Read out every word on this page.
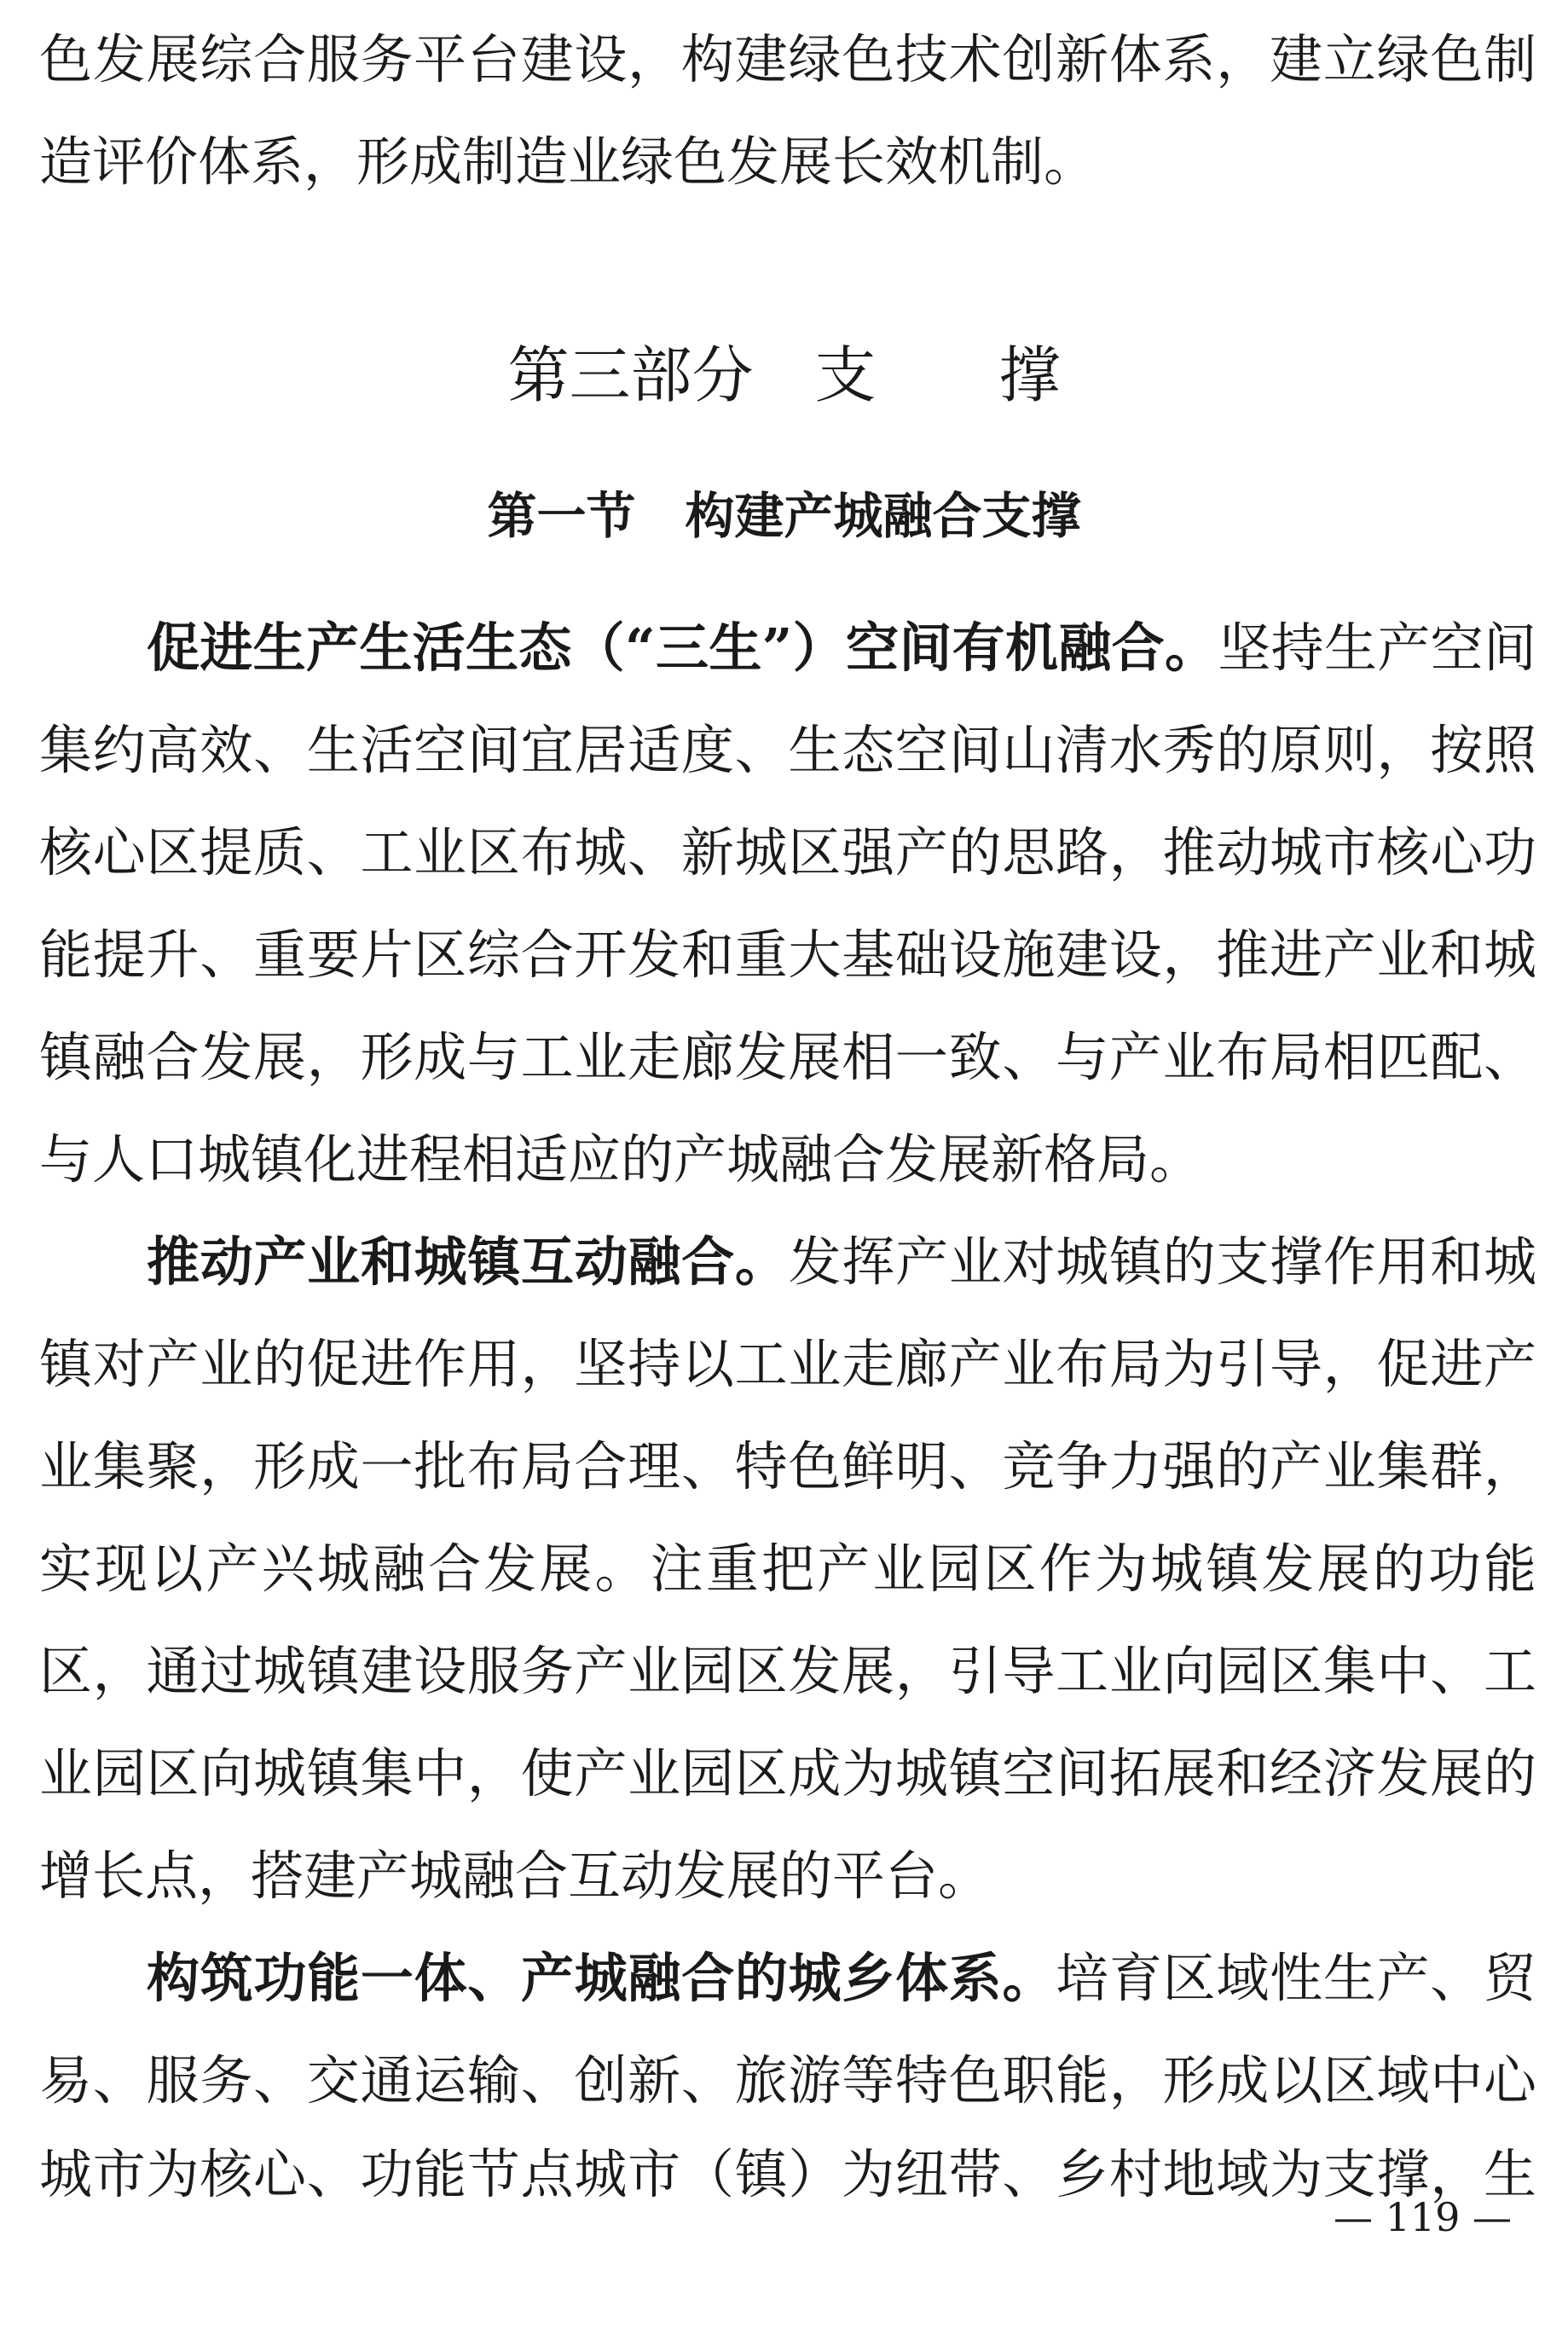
色发展综合服务平台建设，构建绿色技术创新体系，建立绿色制
造评价体系，形成制造业绿色发展长效机制。
第三部分　支　　撑
第一节　构建产城融合支撑
促进生产生活生态（“三生”）空间有机融合。坚持生产空间
集约高效、生活空间宜居适度、生态空间山清水秀的原则，按照
核心区提质、工业区布城、新城区强产的思路，推动城市核心功
能提升、重要片区综合开发和重大基础设施建设，推进产业和城
镇融合发展，形成与工业走廊发展相一致、与产业布局相匹配、
与人口城镇化进程相适应的产城融合发展新格局。
推动产业和城镇互动融合。发挥产业对城镇的支撑作用和城
镇对产业的促进作用，坚持以工业走廊产业布局为引导，促进产
业集聚，形成一批布局合理、特色鲜明、竞争力强的产业集群，
实现以产兴城融合发展。注重把产业园区作为城镇发展的功能
区，通过城镇建设服务产业园区发展，引导工业向园区集中、工
业园区向城镇集中，使产业园区成为城镇空间拓展和经济发展的
增长点，搭建产城融合互动发展的平台。
构筑功能一体、产城融合的城乡体系。培育区域性生产、贸
易、服务、交通运输、创新、旅游等特色职能，形成以区域中心
城市为核心、功能节点城市（镇）为纽带、乡村地域为支撑，生
— 119 —
